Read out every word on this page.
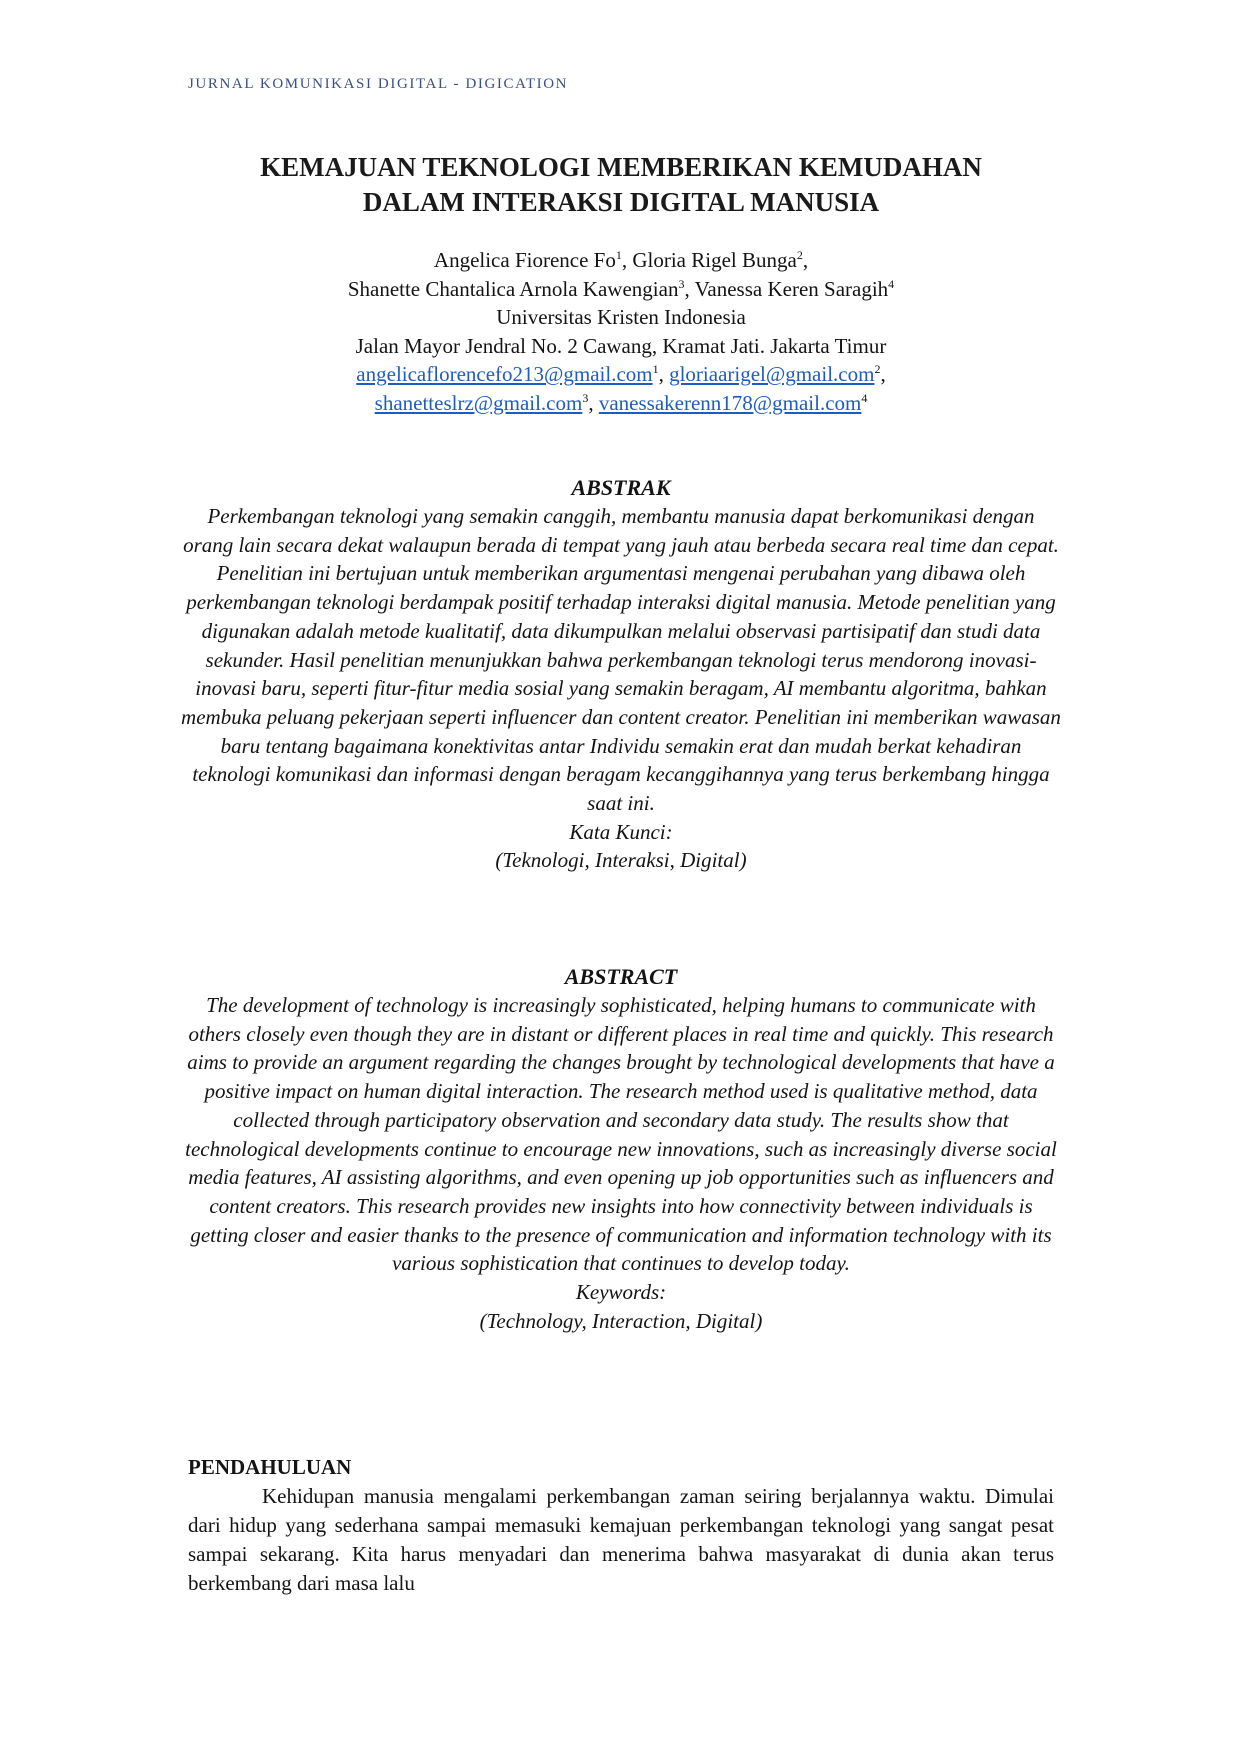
JURNAL KOMUNIKASI DIGITAL - DIGICATION
KEMAJUAN TEKNOLOGI MEMBERIKAN KEMUDAHAN
DALAM INTERAKSI DIGITAL MANUSIA
Angelica Fiorence Fo$^1$, Gloria Rigel Bunga$^2$,
Shanette Chantalica Arnola Kawengian$^3$, Vanessa Keren Saragih$^4$
Universitas Kristen Indonesia
Jalan Mayor Jendral No. 2 Cawang, Kramat Jati. Jakarta Timur
angelicaflorencefo213@gmail.com$^1$, gloriaarigel@gmail.com$^2$,
shanetteslrz@gmail.com$^3$, vanessakerenn178@gmail.com$^4$
ABSTRAK
Perkembangan teknologi yang semakin canggih, membantu manusia dapat berkomunikasi dengan orang lain secara dekat walaupun berada di tempat yang jauh atau berbeda secara real time dan cepat. Penelitian ini bertujuan untuk memberikan argumentasi mengenai perubahan yang dibawa oleh perkembangan teknologi berdampak positif terhadap interaksi digital manusia. Metode penelitian yang digunakan adalah metode kualitatif, data dikumpulkan melalui observasi partisipatif dan studi data sekunder. Hasil penelitian menunjukkan bahwa perkembangan teknologi terus mendorong inovasi-inovasi baru, seperti fitur-fitur media sosial yang semakin beragam, AI membantu algoritma, bahkan membuka peluang pekerjaan seperti influencer dan content creator. Penelitian ini memberikan wawasan baru tentang bagaimana konektivitas antar Individu semakin erat dan mudah berkat kehadiran teknologi komunikasi dan informasi dengan beragam kecanggihannya yang terus berkembang hingga saat ini.
Kata Kunci:
(Teknologi, Interaksi, Digital)
ABSTRACT
The development of technology is increasingly sophisticated, helping humans to communicate with others closely even though they are in distant or different places in real time and quickly. This research aims to provide an argument regarding the changes brought by technological developments that have a positive impact on human digital interaction. The research method used is qualitative method, data collected through participatory observation and secondary data study. The results show that technological developments continue to encourage new innovations, such as increasingly diverse social media features, AI assisting algorithms, and even opening up job opportunities such as influencers and content creators. This research provides new insights into how connectivity between individuals is getting closer and easier thanks to the presence of communication and information technology with its various sophistication that continues to develop today.
Keywords:
(Technology, Interaction, Digital)
PENDAHULUAN
Kehidupan manusia mengalami perkembangan zaman seiring berjalannya waktu. Dimulai dari hidup yang sederhana sampai memasuki kemajuan perkembangan teknologi yang sangat pesat sampai sekarang. Kita harus menyadari dan menerima bahwa masyarakat di dunia akan terus berkembang dari masa lalu
